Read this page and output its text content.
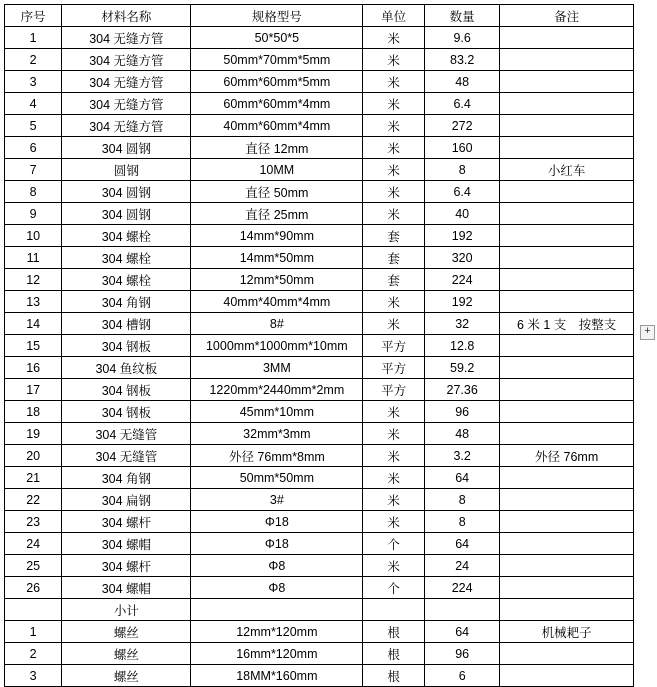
序号	材料名称	规格型号	单位	数量	备注
1	304 无缝方管	50*50*5	米	9.6	
2	304 无缝方管	50mm*70mm*5mm	米	83.2	
3	304 无缝方管	60mm*60mm*5mm	米	48	
4	304 无缝方管	60mm*60mm*4mm	米	6.4	
5	304 无缝方管	40mm*60mm*4mm	米	272	
6	304 圆钢	直径 12mm	米	160	
7	圆钢	10MM	米	8	小红车
8	304 圆钢	直径 50mm	米	6.4	
9	304 圆钢	直径 25mm	米	40	
10	304 螺栓	14mm*90mm	套	192	
11	304 螺栓	14mm*50mm	套	320	
12	304 螺栓	12mm*50mm	套	224	
13	304 角钢	40mm*40mm*4mm	米	192	
14	304 槽钢	8#	米	32	6 米 1 支　按整支
15	304 钢板	1000mm*1000mm*10mm	平方	12.8	
16	304 鱼纹板	3MM	平方	59.2	
17	304 钢板	1220mm*2440mm*2mm	平方	27.36	
18	304 钢板	45mm*10mm	米	96	
19	304 无缝管	32mm*3mm	米	48	
20	304 无缝管	外径 76mm*8mm	米	3.2	外径 76mm
21	304 角钢	50mm*50mm	米	64	
22	304 扁钢	3#	米	8	
23	304 螺杆	Φ18	米	8	
24	304 螺帽	Φ18	个	64	
25	304 螺杆	Φ8	米	24	
26	304 螺帽	Φ8	个	224	
	小计				
1	螺丝	12mm*120mm	根	64	机械耙子
2	螺丝	16mm*120mm	根	96	
3	螺丝	18MM*160mm	根	6	
+
